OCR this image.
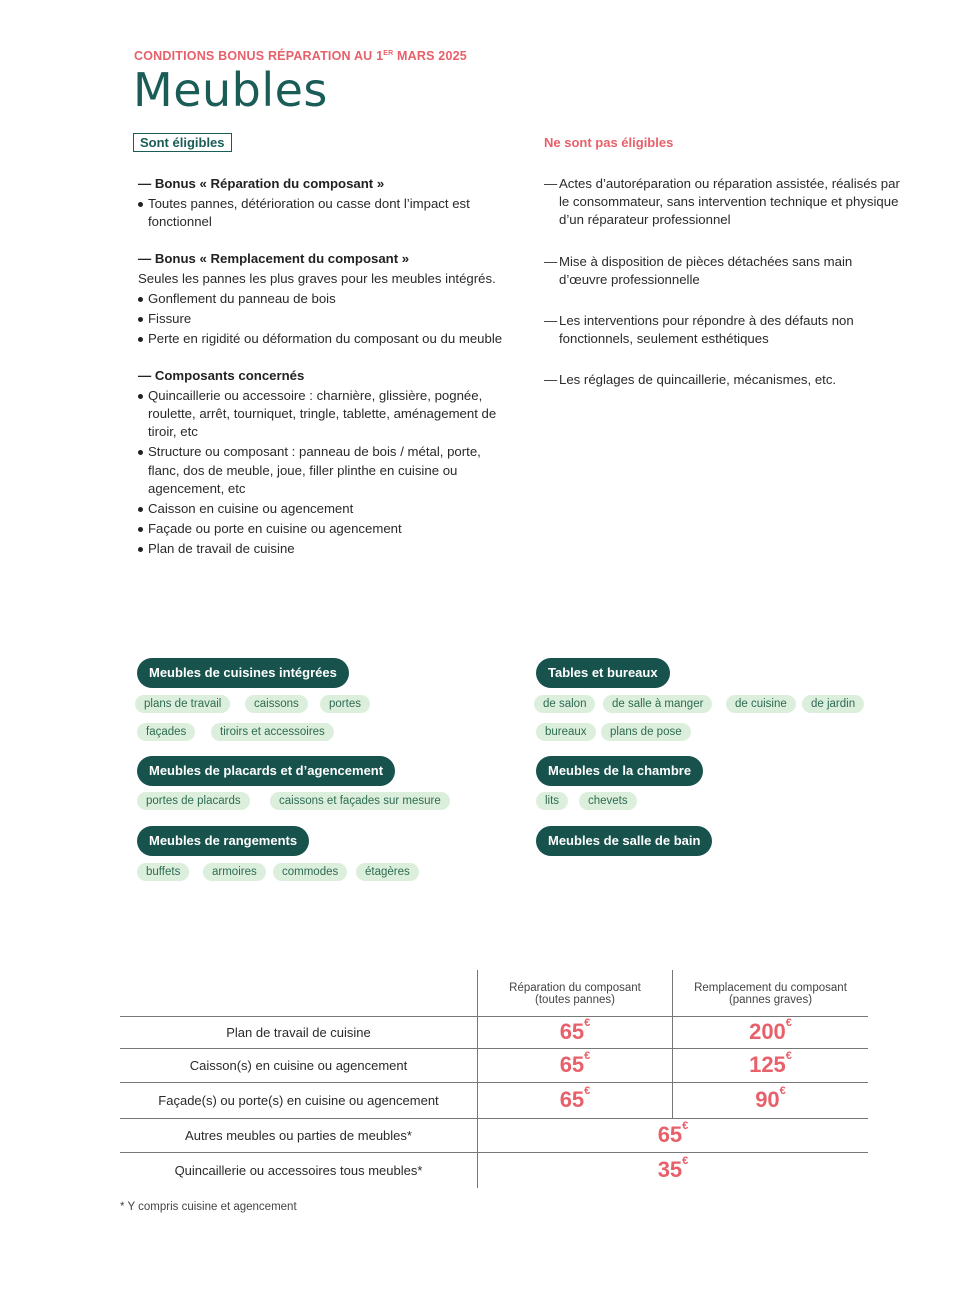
CONDITIONS BONUS RÉPARATION AU 1ER MARS 2025
Meubles
Sont éligibles

— Bonus « Réparation du composant »

Toutes pannes, détérioration ou casse dont l’impact est fonctionnel

— Bonus « Remplacement du composant »

Seules les pannes les plus graves pour les meubles intégrés.

Gonflement du panneau de bois

Fissure

Perte en rigidité ou déformation du composant ou du meuble

— Composants concernés

Quincaillerie ou accessoire : charnière, glissière, pognée, roulette, arrêt, tourniquet, tringle, tablette, aménagement de tiroir, etc

Structure ou composant : panneau de bois / métal, porte, flanc, dos de meuble, joue, filler plinthe en cuisine ou agencement, etc

Caisson en cuisine ou agencement

Façade ou porte en cuisine ou agencement

Plan de travail de cuisine

Ne sont pas éligibles

— Actes d’autoréparation ou réparation assistée, réalisés par le consommateur, sans intervention technique et physique d’un réparateur professionnel

— Mise à disposition de pièces détachées sans main d’œuvre professionnelle

— Les interventions pour répondre à des défauts non fonctionnels, seulement esthétiques

— Les réglages de quincaillerie, mécanismes, etc.

Meubles de cuisines intégrées
plans de travail	caissons	portes
façades	tiroirs et accessoires
Meubles de placards et d’agencement
portes de placards	caissons et façades sur mesure
Meubles de rangements
buffets	armoires	commodes	étagères
Tables et bureaux
de salon	de salle à manger	de cuisine	de jardin
bureaux	plans de pose
Meubles de la chambre
lits	chevets
Meubles de salle de bain
Réparation du composant
(toutes pannes)
Remplacement du composant
(pannes graves)
Plan de travail de cuisine	65€	200€
Caisson(s) en cuisine ou agencement	65€	125€
Façade(s) ou porte(s) en cuisine ou agencement	65€	90€
Autres meubles ou parties de meubles*	65€
Quincaillerie ou accessoires tous meubles*	35€
* Y compris cuisine et agencement
